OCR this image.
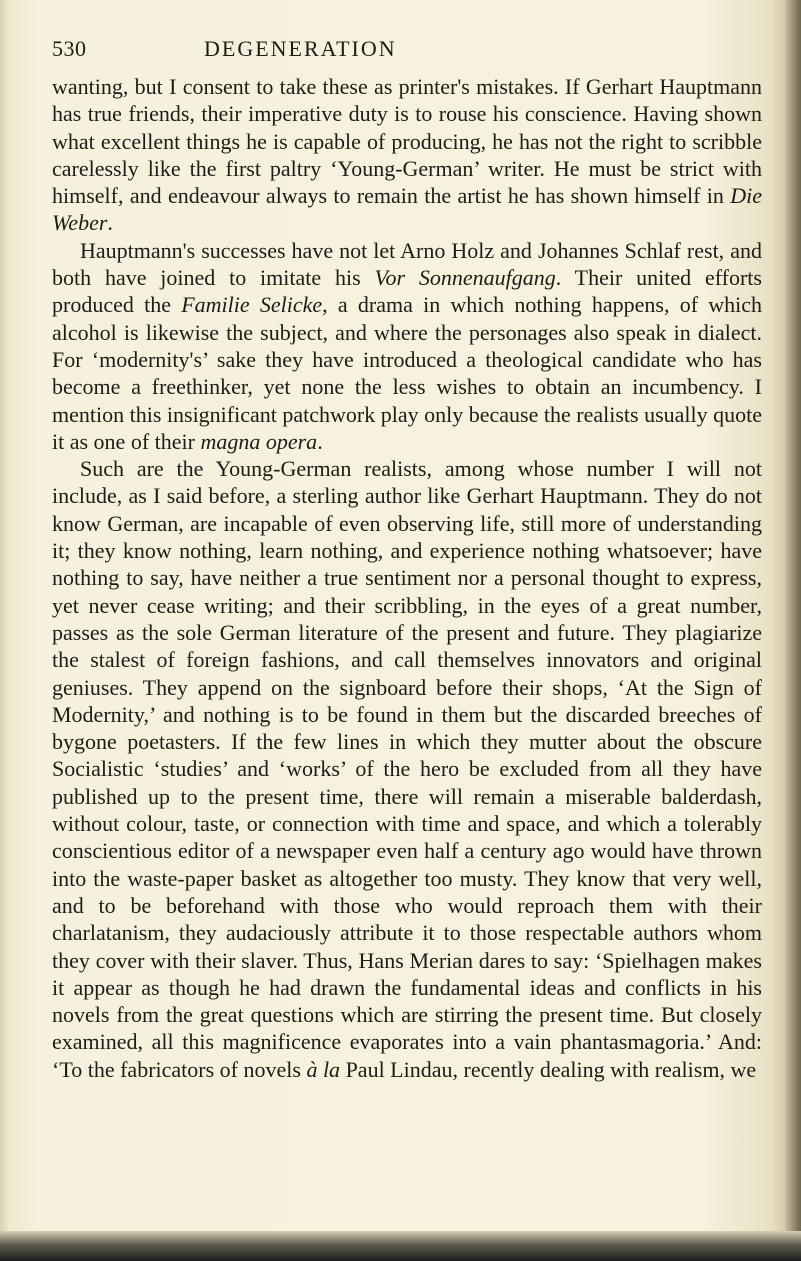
530	DEGENERATION

wanting, but I consent to take these as printer's mistakes. If Gerhart Hauptmann has true friends, their imperative duty is to rouse his conscience. Having shown what excellent things he is capable of producing, he has not the right to scribble carelessly like the first paltry ‘Young-German’ writer. He must be strict with himself, and endeavour always to remain the artist he has shown himself in Die Weber.

Hauptmann's successes have not let Arno Holz and Johannes Schlaf rest, and both have joined to imitate his Vor Sonnenaufgang. Their united efforts produced the Familie Selicke, a drama in which nothing happens, of which alcohol is likewise the subject, and where the personages also speak in dialect. For ‘modernity's’ sake they have introduced a theological candidate who has become a freethinker, yet none the less wishes to obtain an incumbency. I mention this insignificant patchwork play only because the realists usually quote it as one of their magna opera.

Such are the Young-German realists, among whose number I will not include, as I said before, a sterling author like Gerhart Hauptmann. They do not know German, are incapable of even observing life, still more of understanding it; they know nothing, learn nothing, and experience nothing whatsoever; have nothing to say, have neither a true sentiment nor a personal thought to express, yet never cease writing; and their scribbling, in the eyes of a great number, passes as the sole German literature of the present and future. They plagiarize the stalest of foreign fashions, and call themselves innovators and original geniuses. They append on the signboard before their shops, ‘At the Sign of Modernity,’ and nothing is to be found in them but the discarded breeches of bygone poetasters. If the few lines in which they mutter about the obscure Socialistic ‘studies’ and ‘works’ of the hero be excluded from all they have published up to the present time, there will remain a miserable balderdash, without colour, taste, or connection with time and space, and which a tolerably conscientious editor of a newspaper even half a century ago would have thrown into the waste-paper basket as altogether too musty. They know that very well, and to be beforehand with those who would reproach them with their charlatanism, they audaciously attribute it to those respectable authors whom they cover with their slaver. Thus, Hans Merian dares to say: ‘Spielhagen makes it appear as though he had drawn the fundamental ideas and conflicts in his novels from the great questions which are stirring the present time. But closely examined, all this magnificence evaporates into a vain phantasmagoria.’ And: ‘To the fabricators of novels à la Paul Lindau, recently dealing with realism, we
